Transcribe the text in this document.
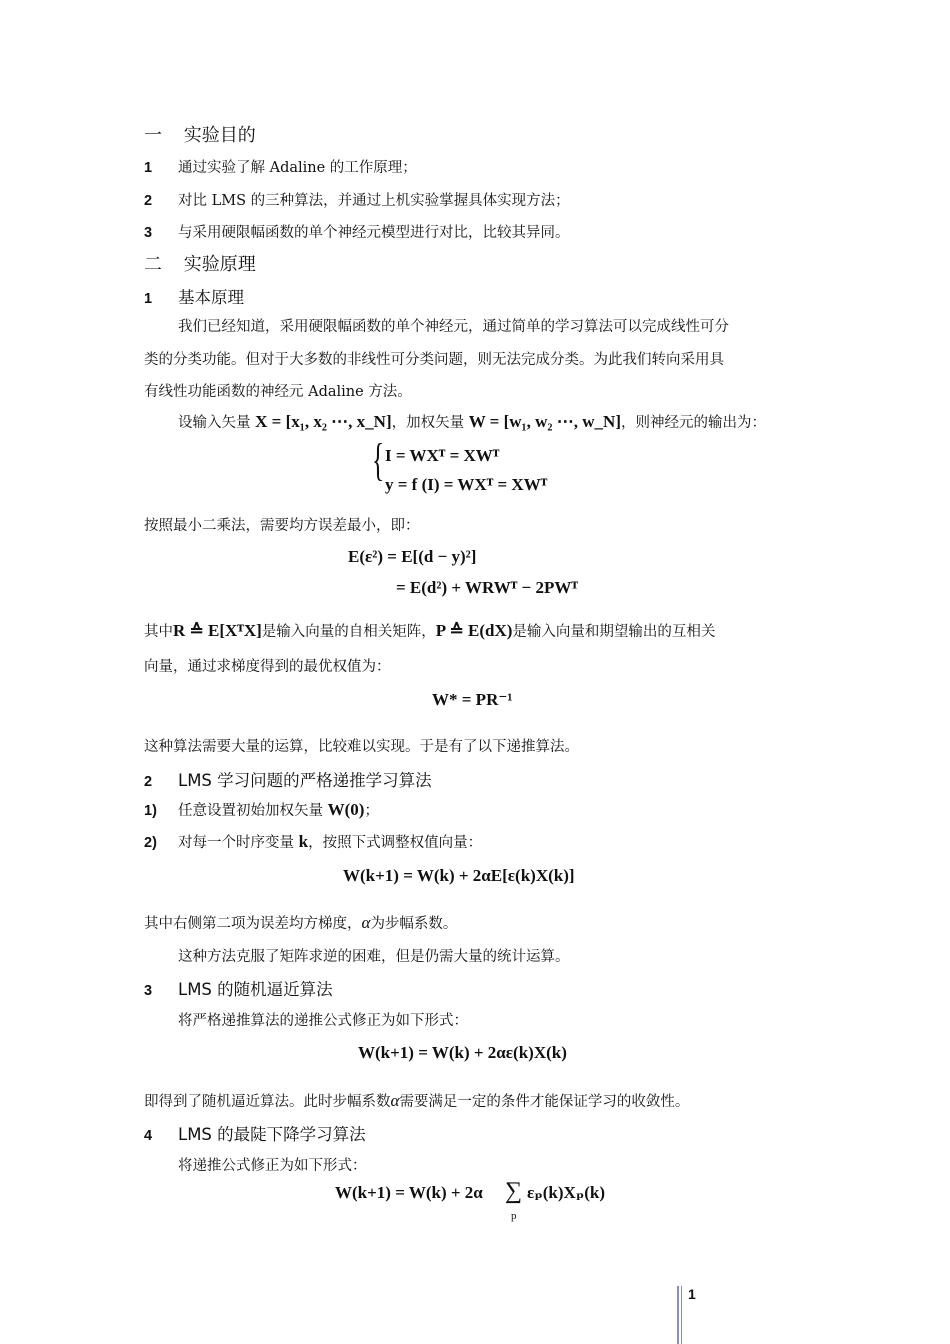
一 实验目的
1 通过实验了解 Adaline 的工作原理；
2 对比 LMS 的三种算法，并通过上机实验掌握具体实现方法；
3 与采用硬限幅函数的单个神经元模型进行对比，比较其异同。
二 实验原理
1 基本原理
我们已经知道，采用硬限幅函数的单个神经元，通过简单的学习算法可以完成线性可分
类的分类功能。但对于大多数的非线性可分类问题，则无法完成分类。为此我们转向采用具
有线性功能函数的神经元 Adaline 方法。
设输入矢量 X = [x₁, x₂ ⋯, x_N]，加权矢量 W = [w₁, w₂ ⋯, w_N]，则神经元的输出为：
{ I = WXᵀ = XWᵀ
y = f (I) = WXᵀ = XWᵀ
按照最小二乘法，需要均方误差最小，即：
E(ε²) = E[(d − y)²]
= E(d²) + WRWᵀ − 2PWᵀ
其中R ≙ E[XᵀX]是输入向量的自相关矩阵，P ≙ E(dX)是输入向量和期望输出的互相关
向量，通过求梯度得到的最优权值为：
W* = PR⁻¹
这种算法需要大量的运算，比较难以实现。于是有了以下递推算法。
2 LMS 学习问题的严格递推学习算法
1) 任意设置初始加权矢量 W(0)；
2) 对每一个时序变量 k，按照下式调整权值向量：
W(k+1) = W(k) + 2αE[ε(k)X(k)]
其中右侧第二项为误差均方梯度，α为步幅系数。
这种方法克服了矩阵求逆的困难，但是仍需大量的统计运算。
3 LMS 的随机逼近算法
将严格递推算法的递推公式修正为如下形式：
W(k+1) = W(k) + 2αε(k)X(k)
即得到了随机逼近算法。此时步幅系数α需要满足一定的条件才能保证学习的收敛性。
4 LMS 的最陡下降学习算法
将递推公式修正为如下形式：
W(k+1) = W(k) + 2α ∑
p
εₚ(k)Xₚ(k)
1
